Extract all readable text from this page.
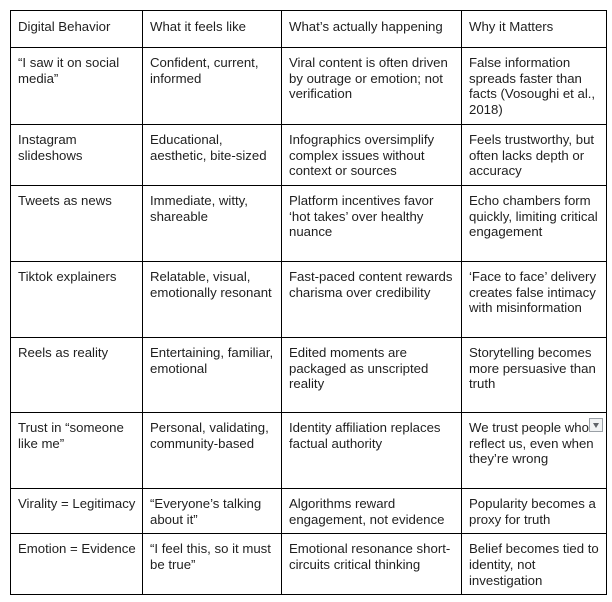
Digital Behavior	What it feels like	What’s actually happening	Why it Matters
“I saw it on social media”	Confident, current, informed	Viral content is often driven by outrage or emotion; not verification	False information spreads faster than facts (Vosoughi et al., 2018)
Instagram slideshows	Educational, aesthetic, bite-sized	Infographics oversimplify complex issues without context or sources	Feels trustworthy, but often lacks depth or accuracy
Tweets as news	Immediate, witty, shareable	Platform incentives favor ‘hot takes’ over healthy nuance	Echo chambers form quickly, limiting critical engagement
Tiktok explainers	Relatable, visual, emotionally resonant	Fast-paced content rewards charisma over credibility	‘Face to face’ delivery creates false intimacy with misinformation
Reels as reality	Entertaining, familiar, emotional	Edited moments are packaged as unscripted reality	Storytelling becomes more persuasive than truth
Trust in “someone like me”	Personal, validating, community-based	Identity affiliation replaces factual authority	We trust people who reflect us, even when they’re wrong

Virality = Legitimacy	“Everyone’s talking about it”	Algorithms reward engagement, not evidence	Popularity becomes a proxy for truth
Emotion = Evidence	“I feel this, so it must be true”	Emotional resonance short-circuits critical thinking	Belief becomes tied to identity, not investigation
